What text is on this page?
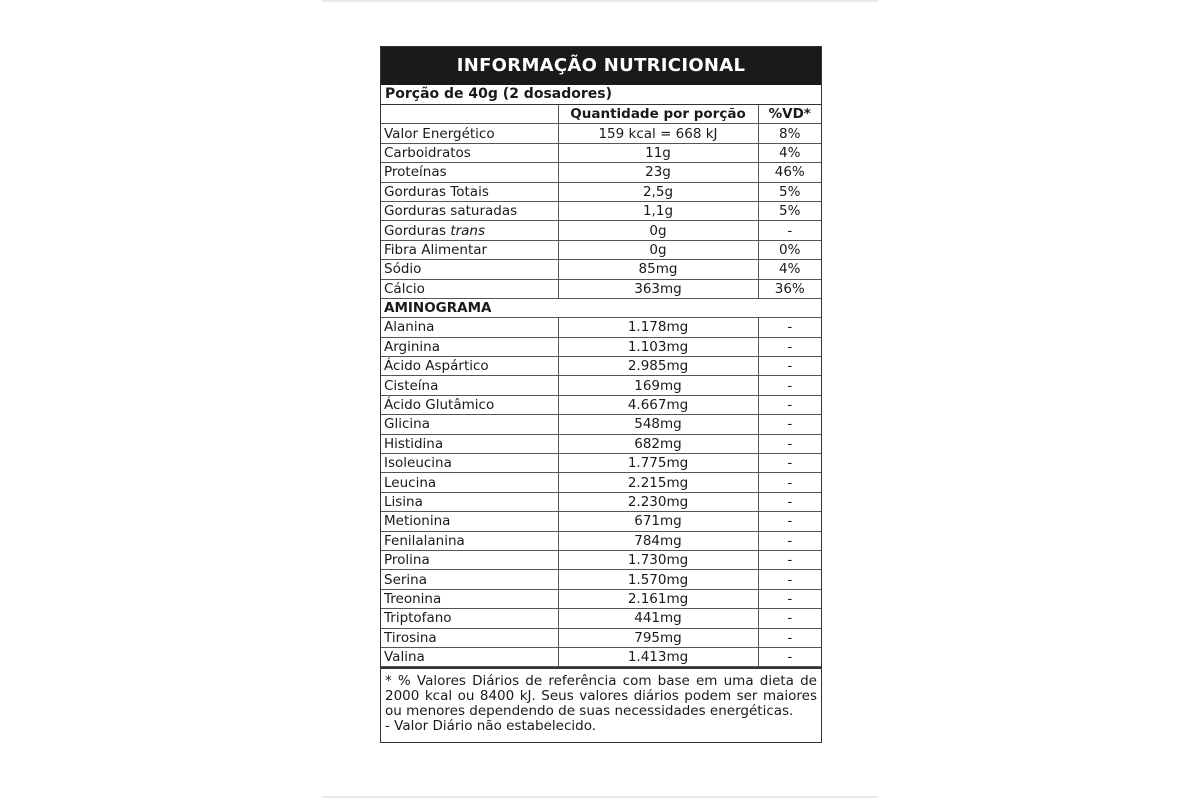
INFORMAÇÃO NUTRICIONAL
Porção de 40g (2 dosadores)
	Quantidade por porção	%VD*
Valor Energético	159 kcal = 668 kJ	8%
Carboidratos	11g	4%
Proteínas	23g	46%
Gorduras Totais	2,5g	5%
Gorduras saturadas	1,1g	5%
Gorduras trans	0g	-
Fibra Alimentar	0g	0%
Sódio	85mg	4%
Cálcio	363mg	36%
AMINOGRAMA		
Alanina	1.178mg	-
Arginina	1.103mg	-
Ácido Aspártico	2.985mg	-
Cisteína	169mg	-
Ácido Glutâmico	4.667mg	-
Glicina	548mg	-
Histidina	682mg	-
Isoleucina	1.775mg	-
Leucina	2.215mg	-
Lisina	2.230mg	-
Metionina	671mg	-
Fenilalanina	784mg	-
Prolina	1.730mg	-
Serina	1.570mg	-
Treonina	2.161mg	-
Triptofano	441mg	-
Tirosina	795mg	-
Valina	1.413mg	-

* % Valores Diários de referência com base em uma dieta de 2000 kcal ou 8400 kJ. Seus valores diários podem ser maiores ou menores dependendo de suas necessidades energéticas.

- Valor Diário não estabelecido.
